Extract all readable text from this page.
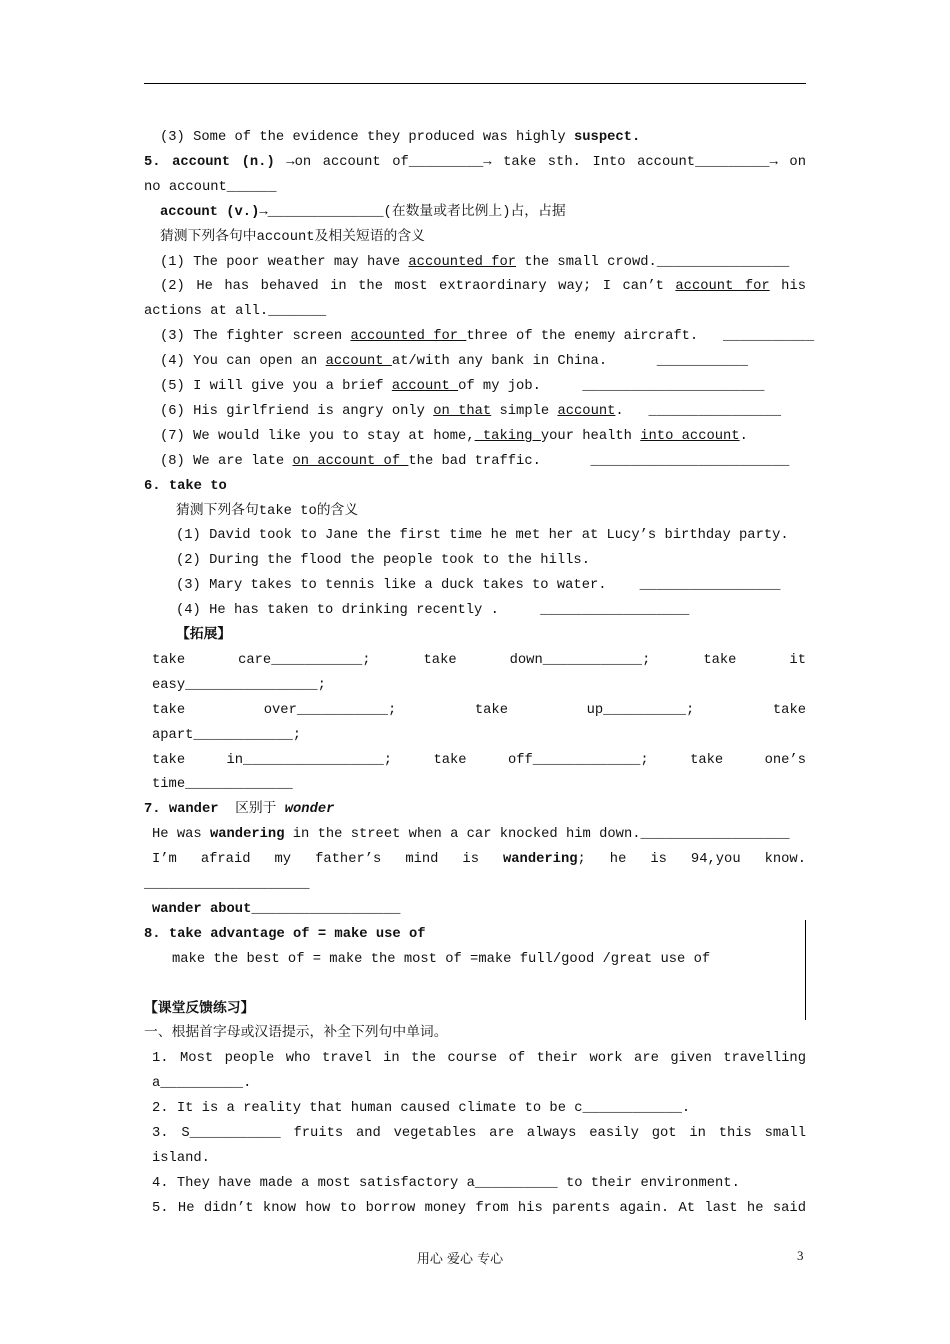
(3) Some of the evidence they produced was highly suspect.
5. account (n.) →on account of_________→ take sth. Into account_________→ on
no account______
account (v.)→______________(在数量或者比例上)占，占据
猜测下列各句中account及相关短语的含义
(1) The poor weather may have accounted for the small crowd.________________
(2) He has behaved in the most extraordinary way; I can’t account for his
actions at all._______
(3) The fighter screen accounted for three of the enemy aircraft.   ___________
(4) You can open an account at/with any bank in China.      ___________
(5) I will give you a brief account of my job.     ______________________
(6) His girlfriend is angry only on that simple account.   ________________
(7) We would like you to stay at home, taking your health into account.
(8) We are late on account of the bad traffic.      ________________________
6. take to
猜测下列各句take to的含义
(1) David took to Jane the first time he met her at Lucy’s birthday party.
(2) During the flood the people took to the hills.
(3) Mary takes to tennis like a duck takes to water.    _________________
(4) He has taken to drinking recently .     __________________
【拓展】
take care___________; take down____________; take it
easy________________;
take over___________; take up__________; take
apart____________;
take in_________________; take off_____________; take one’s
time_____________
7. wander  区别于 wonder
He was wandering in the street when a car knocked him down.__________________
I’m afraid my father’s mind is wandering; he is 94,you know.
____________________
wander about__________________
8. take advantage of = make use of
make the best of = make the most of =make full/good /great use of
【课堂反馈练习】
一、根据首字母或汉语提示，补全下列句中单词。
1. Most people who travel in the course of their work are given travelling
a__________.
2. It is a reality that human caused climate to be c____________.
3. S___________ fruits and vegetables are always easily got in this small
island.
4. They have made a most satisfactory a__________ to their environment.
5. He didn’t know how to borrow money from his parents again. At last he said
用心 爱心 专心	3
